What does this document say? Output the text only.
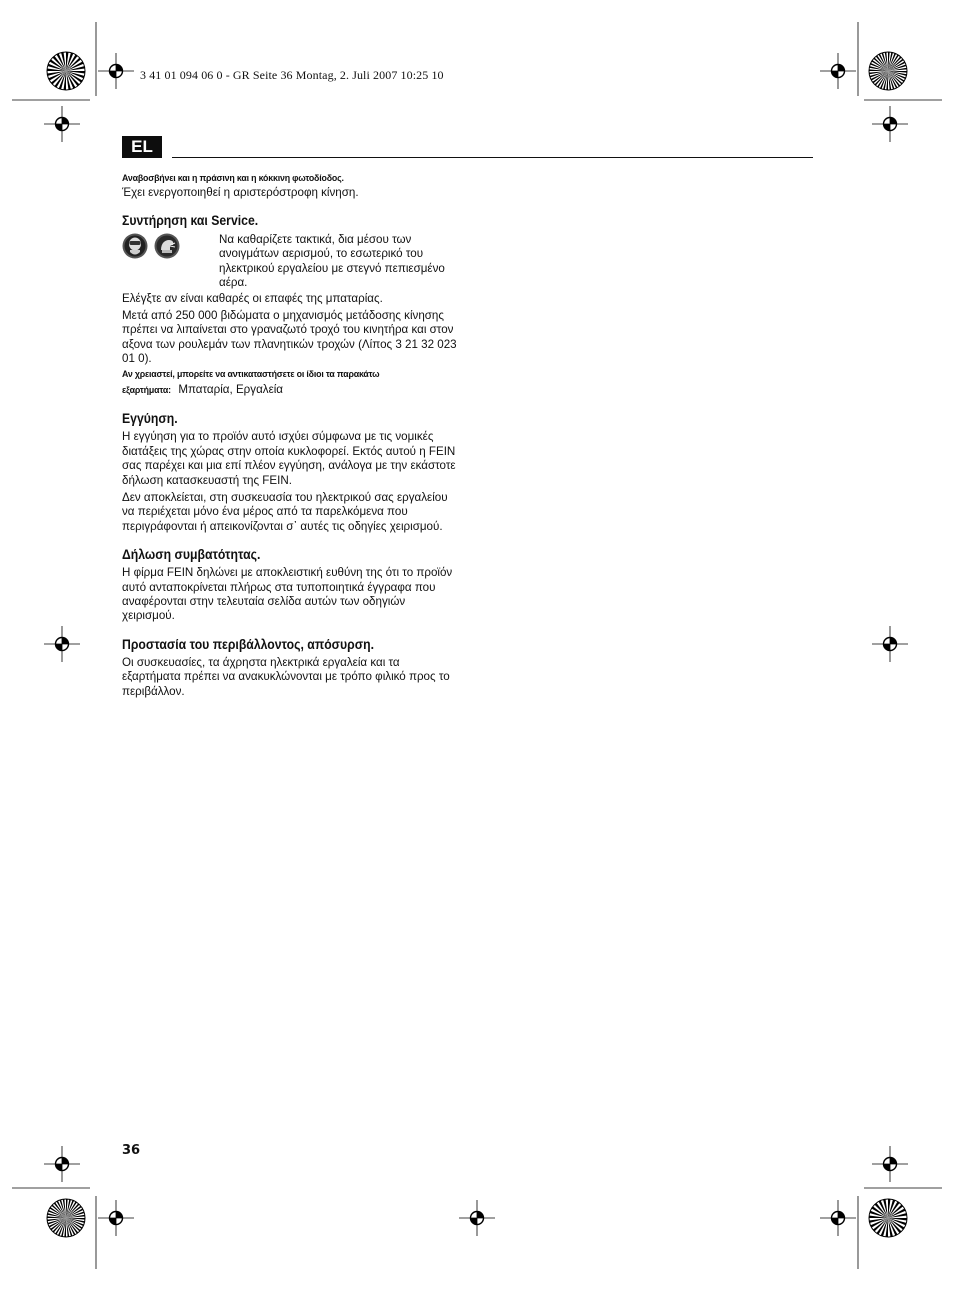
3 41 01 094 06 0 - GR Seite 36 Montag, 2. Juli 2007 10:25 10
EL

Αναβοσβήνει και η πράσινη και η κόκκινη φωτοδίοδος.

Έχει ενεργοποιηθεί η αριστερόστροφη κίνηση.

Συντήρηση και Service.

Να καθαρίζετε τακτικά, δια μέσου των ανοιγμάτων αερισμού, το εσωτερικό του ηλεκτρικού εργαλείου με στεγνό πεπιεσμένο αέρα.

Ελέγξτε αν είναι καθαρές οι επαφές της μπαταρίας.

Μετά από 250 000 βιδώματα ο μηχανισμός μετάδοσης κίνησης πρέπει να λιπαίνεται στο γραναζωτό τροχό του κινητήρα και στον αξονα των ρουλεμάν των πλανητικών τροχών (Λίπος 3 21 32 023 01 0).

Αν χρειαστεί, μπορείτε να αντικαταστήσετε οι ίδιοι τα παρακάτω

εξαρτήματα: Μπαταρία, Εργαλεία

Εγγύηση.

Η εγγύηση για το προϊόν αυτό ισχύει σύμφωνα με τις νομικές διατάξεις της χώρας στην οποία κυκλοφορεί. Εκτός αυτού η FEIN σας παρέχει και μια επί πλέον εγγύηση, ανάλογα με την εκάστοτε δήλωση κατασκευαστή της FEIN.

Δεν αποκλείεται, στη συσκευασία του ηλεκτρικού σας εργαλείου να περιέχεται μόνο ένα μέρος από τα παρελκόμενα που περιγράφονται ή απεικονίζονται σ᾽ αυτές τις οδηγίες χειρισμού.

Δήλωση συμβατότητας.

Η φίρμα FEIN δηλώνει με αποκλειστική ευθύνη της ότι το προϊόν αυτό ανταποκρίνεται πλήρως στα τυποποιητικά έγγραφα που αναφέρονται στην τελευταία σελίδα αυτών των οδηγιών χειρισμού.

Προστασία του περιβάλλοντος, απόσυρση.

Οι συσκευασίες, τα άχρηστα ηλεκτρικά εργαλεία και τα εξαρτήματα πρέπει να ανακυκλώνονται με τρόπο φιλικό προς το περιβάλλον.

36
